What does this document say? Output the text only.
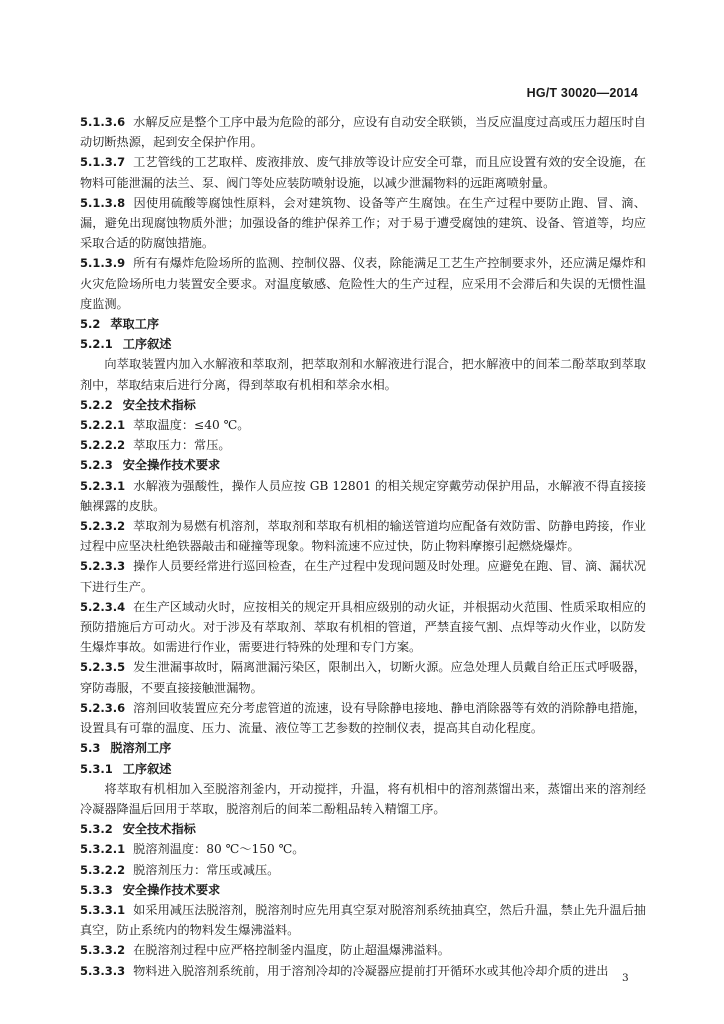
HG/T 30020—2014
5.1.3.6 水解反应是整个工序中最为危险的部分，应设有自动安全联锁，当反应温度过高或压力超压时自动切断热源，起到安全保护作用。
5.1.3.7 工艺管线的工艺取样、废液排放、废气排放等设计应安全可靠，而且应设置有效的安全设施，在物料可能泄漏的法兰、泵、阀门等处应装防喷射设施，以减少泄漏物料的远距离喷射量。
5.1.3.8 因使用硫酸等腐蚀性原料，会对建筑物、设备等产生腐蚀。在生产过程中要防止跑、冒、滴、漏，避免出现腐蚀物质外泄；加强设备的维护保养工作；对于易于遭受腐蚀的建筑、设备、管道等，均应采取合适的防腐蚀措施。
5.1.3.9 所有有爆炸危险场所的监测、控制仪器、仪表，除能满足工艺生产控制要求外，还应满足爆炸和火灾危险场所电力装置安全要求。对温度敏感、危险性大的生产过程，应采用不会滞后和失误的无惯性温度监测。
5.2 萃取工序
5.2.1 工序叙述
向萃取装置内加入水解液和萃取剂，把萃取剂和水解液进行混合，把水解液中的间苯二酚萃取到萃取剂中，萃取结束后进行分离，得到萃取有机相和萃余水相。
5.2.2 安全技术指标
5.2.2.1 萃取温度：≤40 ℃。
5.2.2.2 萃取压力：常压。
5.2.3 安全操作技术要求
5.2.3.1 水解液为强酸性，操作人员应按 GB 12801 的相关规定穿戴劳动保护用品，水解液不得直接接触裸露的皮肤。
5.2.3.2 萃取剂为易燃有机溶剂，萃取剂和萃取有机相的输送管道均应配备有效防雷、防静电跨接，作业过程中应坚决杜绝铁器敲击和碰撞等现象。物料流速不应过快，防止物料摩擦引起燃烧爆炸。
5.2.3.3 操作人员要经常进行巡回检查，在生产过程中发现问题及时处理。应避免在跑、冒、滴、漏状况下进行生产。
5.2.3.4 在生产区域动火时，应按相关的规定开具相应级别的动火证，并根据动火范围、性质采取相应的预防措施后方可动火。对于涉及有萃取剂、萃取有机相的管道，严禁直接气割、点焊等动火作业，以防发生爆炸事故。如需进行作业，需要进行特殊的处理和专门方案。
5.2.3.5 发生泄漏事故时，隔离泄漏污染区，限制出入，切断火源。应急处理人员戴自给正压式呼吸器，穿防毒服，不要直接接触泄漏物。
5.2.3.6 溶剂回收装置应充分考虑管道的流速，设有导除静电接地、静电消除器等有效的消除静电措施，设置具有可靠的温度、压力、流量、液位等工艺参数的控制仪表，提高其自动化程度。
5.3 脱溶剂工序
5.3.1 工序叙述
将萃取有机相加入至脱溶剂釜内，开动搅拌，升温，将有机相中的溶剂蒸馏出来，蒸馏出来的溶剂经冷凝器降温后回用于萃取，脱溶剂后的间苯二酚粗品转入精馏工序。
5.3.2 安全技术指标
5.3.2.1 脱溶剂温度：80 ℃～150 ℃。
5.3.2.2 脱溶剂压力：常压或减压。
5.3.3 安全操作技术要求
5.3.3.1 如采用减压法脱溶剂，脱溶剂时应先用真空泵对脱溶剂系统抽真空，然后升温，禁止先升温后抽真空，防止系统内的物料发生爆沸溢料。
5.3.3.2 在脱溶剂过程中应严格控制釜内温度，防止超温爆沸溢料。
5.3.3.3 物料进入脱溶剂系统前，用于溶剂冷却的冷凝器应提前打开循环水或其他冷却介质的进出
3
